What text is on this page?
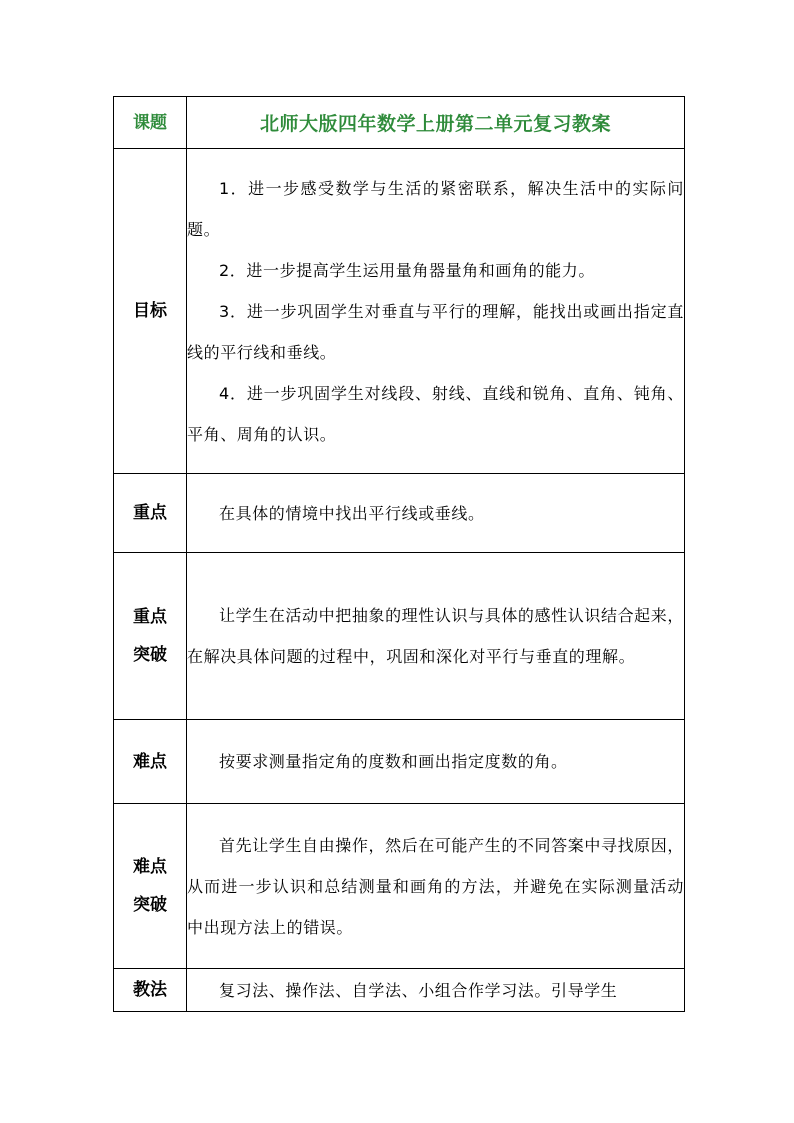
课题	北师大版四年数学上册第二单元复习教案
目标	1．进一步感受数学与生活的紧密联系，解决生活中的实际问题。
2．进一步提高学生运用量角器量角和画角的能力。
3．进一步巩固学生对垂直与平行的理解，能找出或画出指定直线的平行线和垂线。
4．进一步巩固学生对线段、射线、直线和锐角、直角、钝角、平角、周角的认识。

重点	在具体的情境中找出平行线或垂线。

重点
突破	让学生在活动中把抽象的理性认识与具体的感性认识结合起来，在解决具体问题的过程中，巩固和深化对平行与垂直的理解。

难点	按要求测量指定角的度数和画出指定度数的角。

难点
突破	首先让学生自由操作，然后在可能产生的不同答案中寻找原因，从而进一步认识和总结测量和画角的方法，并避免在实际测量活动中出现方法上的错误。

教法	复习法、操作法、自学法、小组合作学习法。引导学生
